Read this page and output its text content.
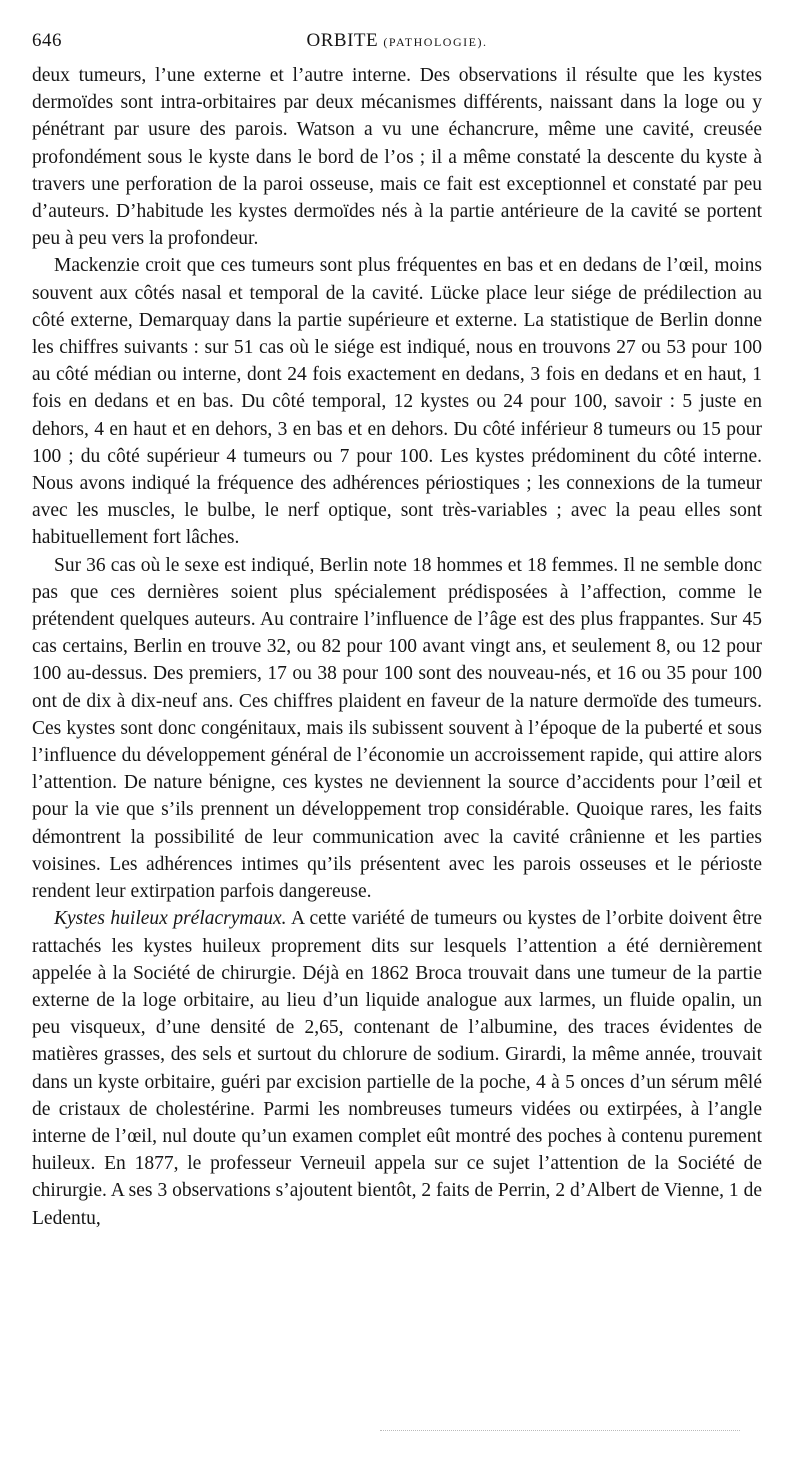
646	ORBITE (PATHOLOGIE).

deux tumeurs, l’une externe et l’autre interne. Des observations il résulte que les kystes dermoïdes sont intra-orbitaires par deux mécanismes différents, naissant dans la loge ou y pénétrant par usure des parois. Watson a vu une échancrure, même une cavité, creusée profondément sous le kyste dans le bord de l’os ; il a même constaté la descente du kyste à travers une perforation de la paroi osseuse, mais ce fait est exceptionnel et constaté par peu d’auteurs. D’habitude les kystes dermoïdes nés à la partie antérieure de la cavité se portent peu à peu vers la profondeur.

Mackenzie croit que ces tumeurs sont plus fréquentes en bas et en dedans de l’œil, moins souvent aux côtés nasal et temporal de la cavité. Lücke place leur siége de prédilection au côté externe, Demarquay dans la partie supérieure et externe. La statistique de Berlin donne les chiffres suivants : sur 51 cas où le siége est indiqué, nous en trouvons 27 ou 53 pour 100 au côté médian ou interne, dont 24 fois exactement en dedans, 3 fois en dedans et en haut, 1 fois en dedans et en bas. Du côté temporal, 12 kystes ou 24 pour 100, savoir : 5 juste en dehors, 4 en haut et en dehors, 3 en bas et en dehors. Du côté inférieur 8 tumeurs ou 15 pour 100 ; du côté supérieur 4 tumeurs ou 7 pour 100. Les kystes prédominent du côté interne. Nous avons indiqué la fréquence des adhérences périostiques ; les connexions de la tumeur avec les muscles, le bulbe, le nerf optique, sont très-variables ; avec la peau elles sont habituellement fort lâches.

Sur 36 cas où le sexe est indiqué, Berlin note 18 hommes et 18 femmes. Il ne semble donc pas que ces dernières soient plus spécialement prédisposées à l’affection, comme le prétendent quelques auteurs. Au contraire l’influence de l’âge est des plus frappantes. Sur 45 cas certains, Berlin en trouve 32, ou 82 pour 100 avant vingt ans, et seulement 8, ou 12 pour 100 au-dessus. Des premiers, 17 ou 38 pour 100 sont des nouveau-nés, et 16 ou 35 pour 100 ont de dix à dix-neuf ans. Ces chiffres plaident en faveur de la nature dermoïde des tumeurs. Ces kystes sont donc congénitaux, mais ils subissent souvent à l’époque de la puberté et sous l’influence du développement général de l’économie un accroissement rapide, qui attire alors l’attention. De nature bénigne, ces kystes ne deviennent la source d’accidents pour l’œil et pour la vie que s’ils prennent un développement trop considérable. Quoique rares, les faits démontrent la possibilité de leur communication avec la cavité crânienne et les parties voisines. Les adhérences intimes qu’ils présentent avec les parois osseuses et le périoste rendent leur extirpation parfois dangereuse.

Kystes huileux prélacrymaux. A cette variété de tumeurs ou kystes de l’orbite doivent être rattachés les kystes huileux proprement dits sur lesquels l’attention a été dernièrement appelée à la Société de chirurgie. Déjà en 1862 Broca trouvait dans une tumeur de la partie externe de la loge orbitaire, au lieu d’un liquide analogue aux larmes, un fluide opalin, un peu visqueux, d’une densité de 2,65, contenant de l’albumine, des traces évidentes de matières grasses, des sels et surtout du chlorure de sodium. Girardi, la même année, trouvait dans un kyste orbitaire, guéri par excision partielle de la poche, 4 à 5 onces d’un sérum mêlé de cristaux de cholestérine. Parmi les nombreuses tumeurs vidées ou extirpées, à l’angle interne de l’œil, nul doute qu’un examen complet eût montré des poches à contenu purement huileux. En 1877, le professeur Verneuil appela sur ce sujet l’attention de la Société de chirurgie. A ses 3 observations s’ajoutent bientôt, 2 faits de Perrin, 2 d’Albert de Vienne, 1 de Ledentu,
